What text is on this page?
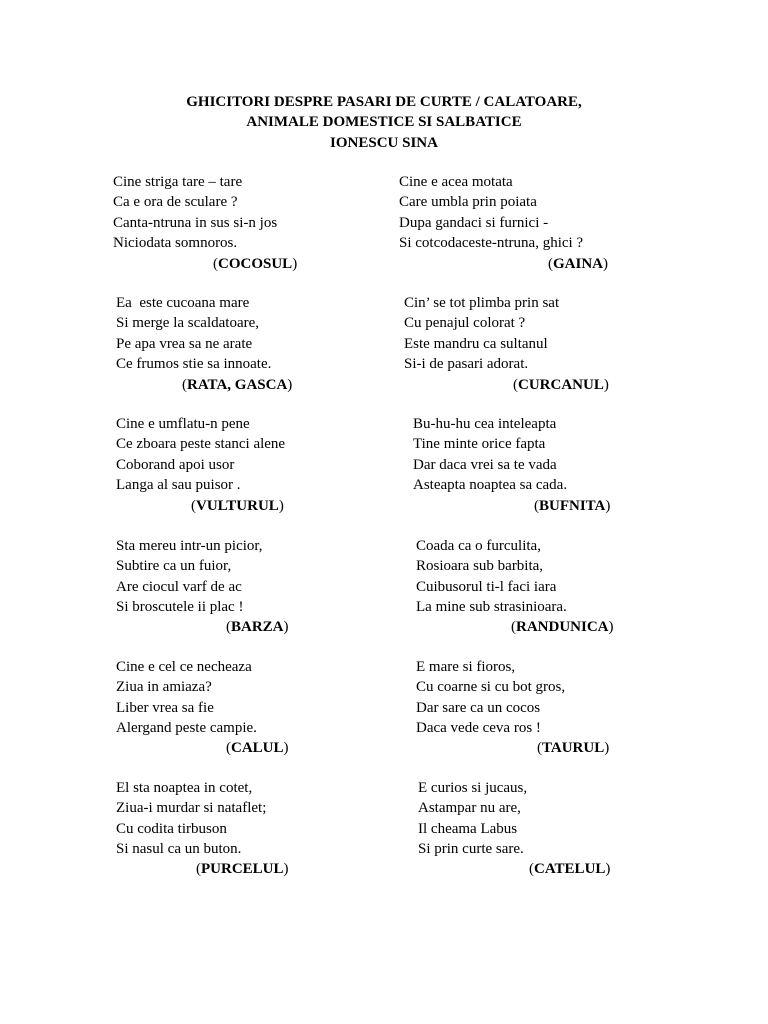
GHICITORI DESPRE PASARI DE CURTE / CALATOARE,
ANIMALE DOMESTICE SI SALBATICE
IONESCU SINA
Cine striga tare – tare
Ca e ora de sculare ?
Canta-ntruna in sus si-n jos
Niciodata somnoros.
(COCOSUL)
Cine e acea motata
Care umbla prin poiata
Dupa gandaci si furnici -
Si cotcodaceste-ntruna, ghici ?
(GAINA)
Ea  este cucoana mare
Si merge la scaldatoare,
Pe apa vrea sa ne arate
Ce frumos stie sa innoate.
(RATA, GASCA)
Cin’ se tot plimba prin sat
Cu penajul colorat ?
Este mandru ca sultanul
Si-i de pasari adorat.
(CURCANUL)
Cine e umflatu-n pene
Ce zboara peste stanci alene
Coborand apoi usor
Langa al sau puisor .
(VULTURUL)
Bu-hu-hu cea inteleapta
Tine minte orice fapta
Dar daca vrei sa te vada
Asteapta noaptea sa cada.
(BUFNITA)
Sta mereu intr-un picior,
Subtire ca un fuior,
Are ciocul varf de ac
Si broscutele ii plac !
(BARZA)
Coada ca o furculita,
Rosioara sub barbita,
Cuibusorul ti-l faci iara
La mine sub strasinioara.
(RANDUNICA)
Cine e cel ce necheaza
Ziua in amiaza?
Liber vrea sa fie
Alergand peste campie.
(CALUL)
E mare si fioros,
Cu coarne si cu bot gros,
Dar sare ca un cocos
Daca vede ceva ros !
(TAURUL)
El sta noaptea in cotet,
Ziua-i murdar si nataflet;
Cu codita tirbuson
Si nasul ca un buton.
(PURCELUL)
E curios si jucaus,
Astampar nu are,
Il cheama Labus
Si prin curte sare.
(CATELUL)
